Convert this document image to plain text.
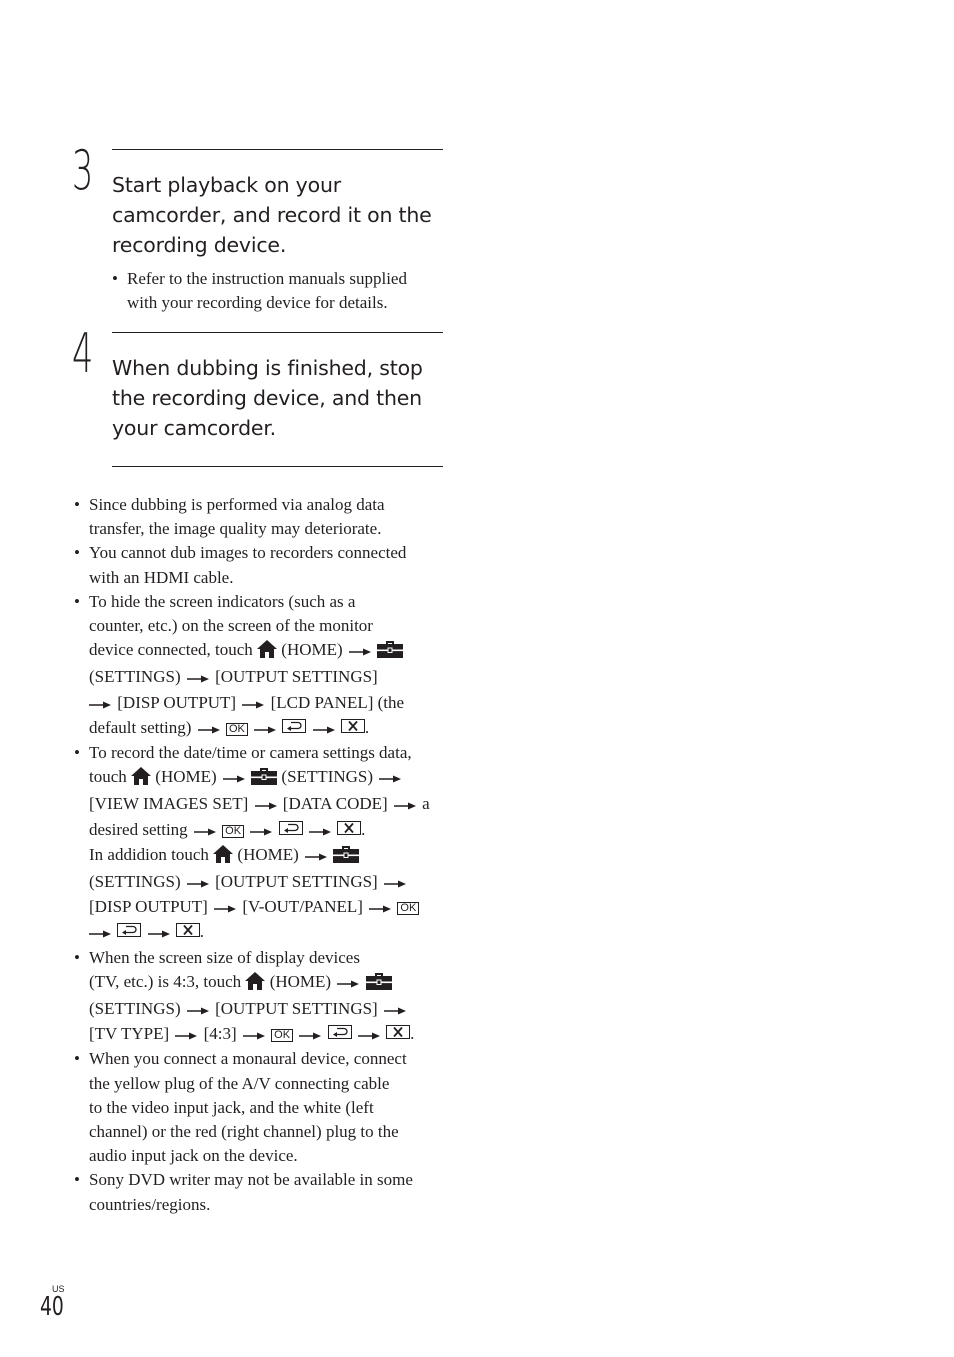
3 Start playback on your
camcorder, and record it on the
recording device.
• Refer to the instruction manuals supplied
with your recording device for details.
4 When dubbing is finished, stop
the recording device, and then
your camcorder.
• Since dubbing is performed via analog data
transfer, the image quality may deteriorate.
• You cannot dub images to recorders connected
with an HDMI cable.
• To hide the screen indicators (such as a
counter, etc.) on the screen of the monitor
device connected, touch (HOME)
(SETTINGS) [OUTPUT SETTINGS]
[DISP OUTPUT] [LCD PANEL] (the
default setting)	OK
	.
• To record the date/time or camera settings data,
touch (HOME)	(SETTINGS)
[VIEW IMAGES SET] [DATA CODE] a
desired setting	OK
	.
In addidion touch (HOME)
(SETTINGS) [OUTPUT SETTINGS]
[DISP OUTPUT] [V-OUT/PANEL]	OK

.
• When the screen size of display devices
(TV, etc.) is 4:3, touch (HOME)
(SETTINGS) [OUTPUT SETTINGS]
[TV TYPE] [4:3]	OK
	.
• When you connect a monaural device, connect
the yellow plug of the A/V connecting cable
to the video input jack, and the white (left
channel) or the red (right channel) plug to the
audio input jack on the device.
• Sony DVD writer may not be available in some
countries/regions.
US
40
